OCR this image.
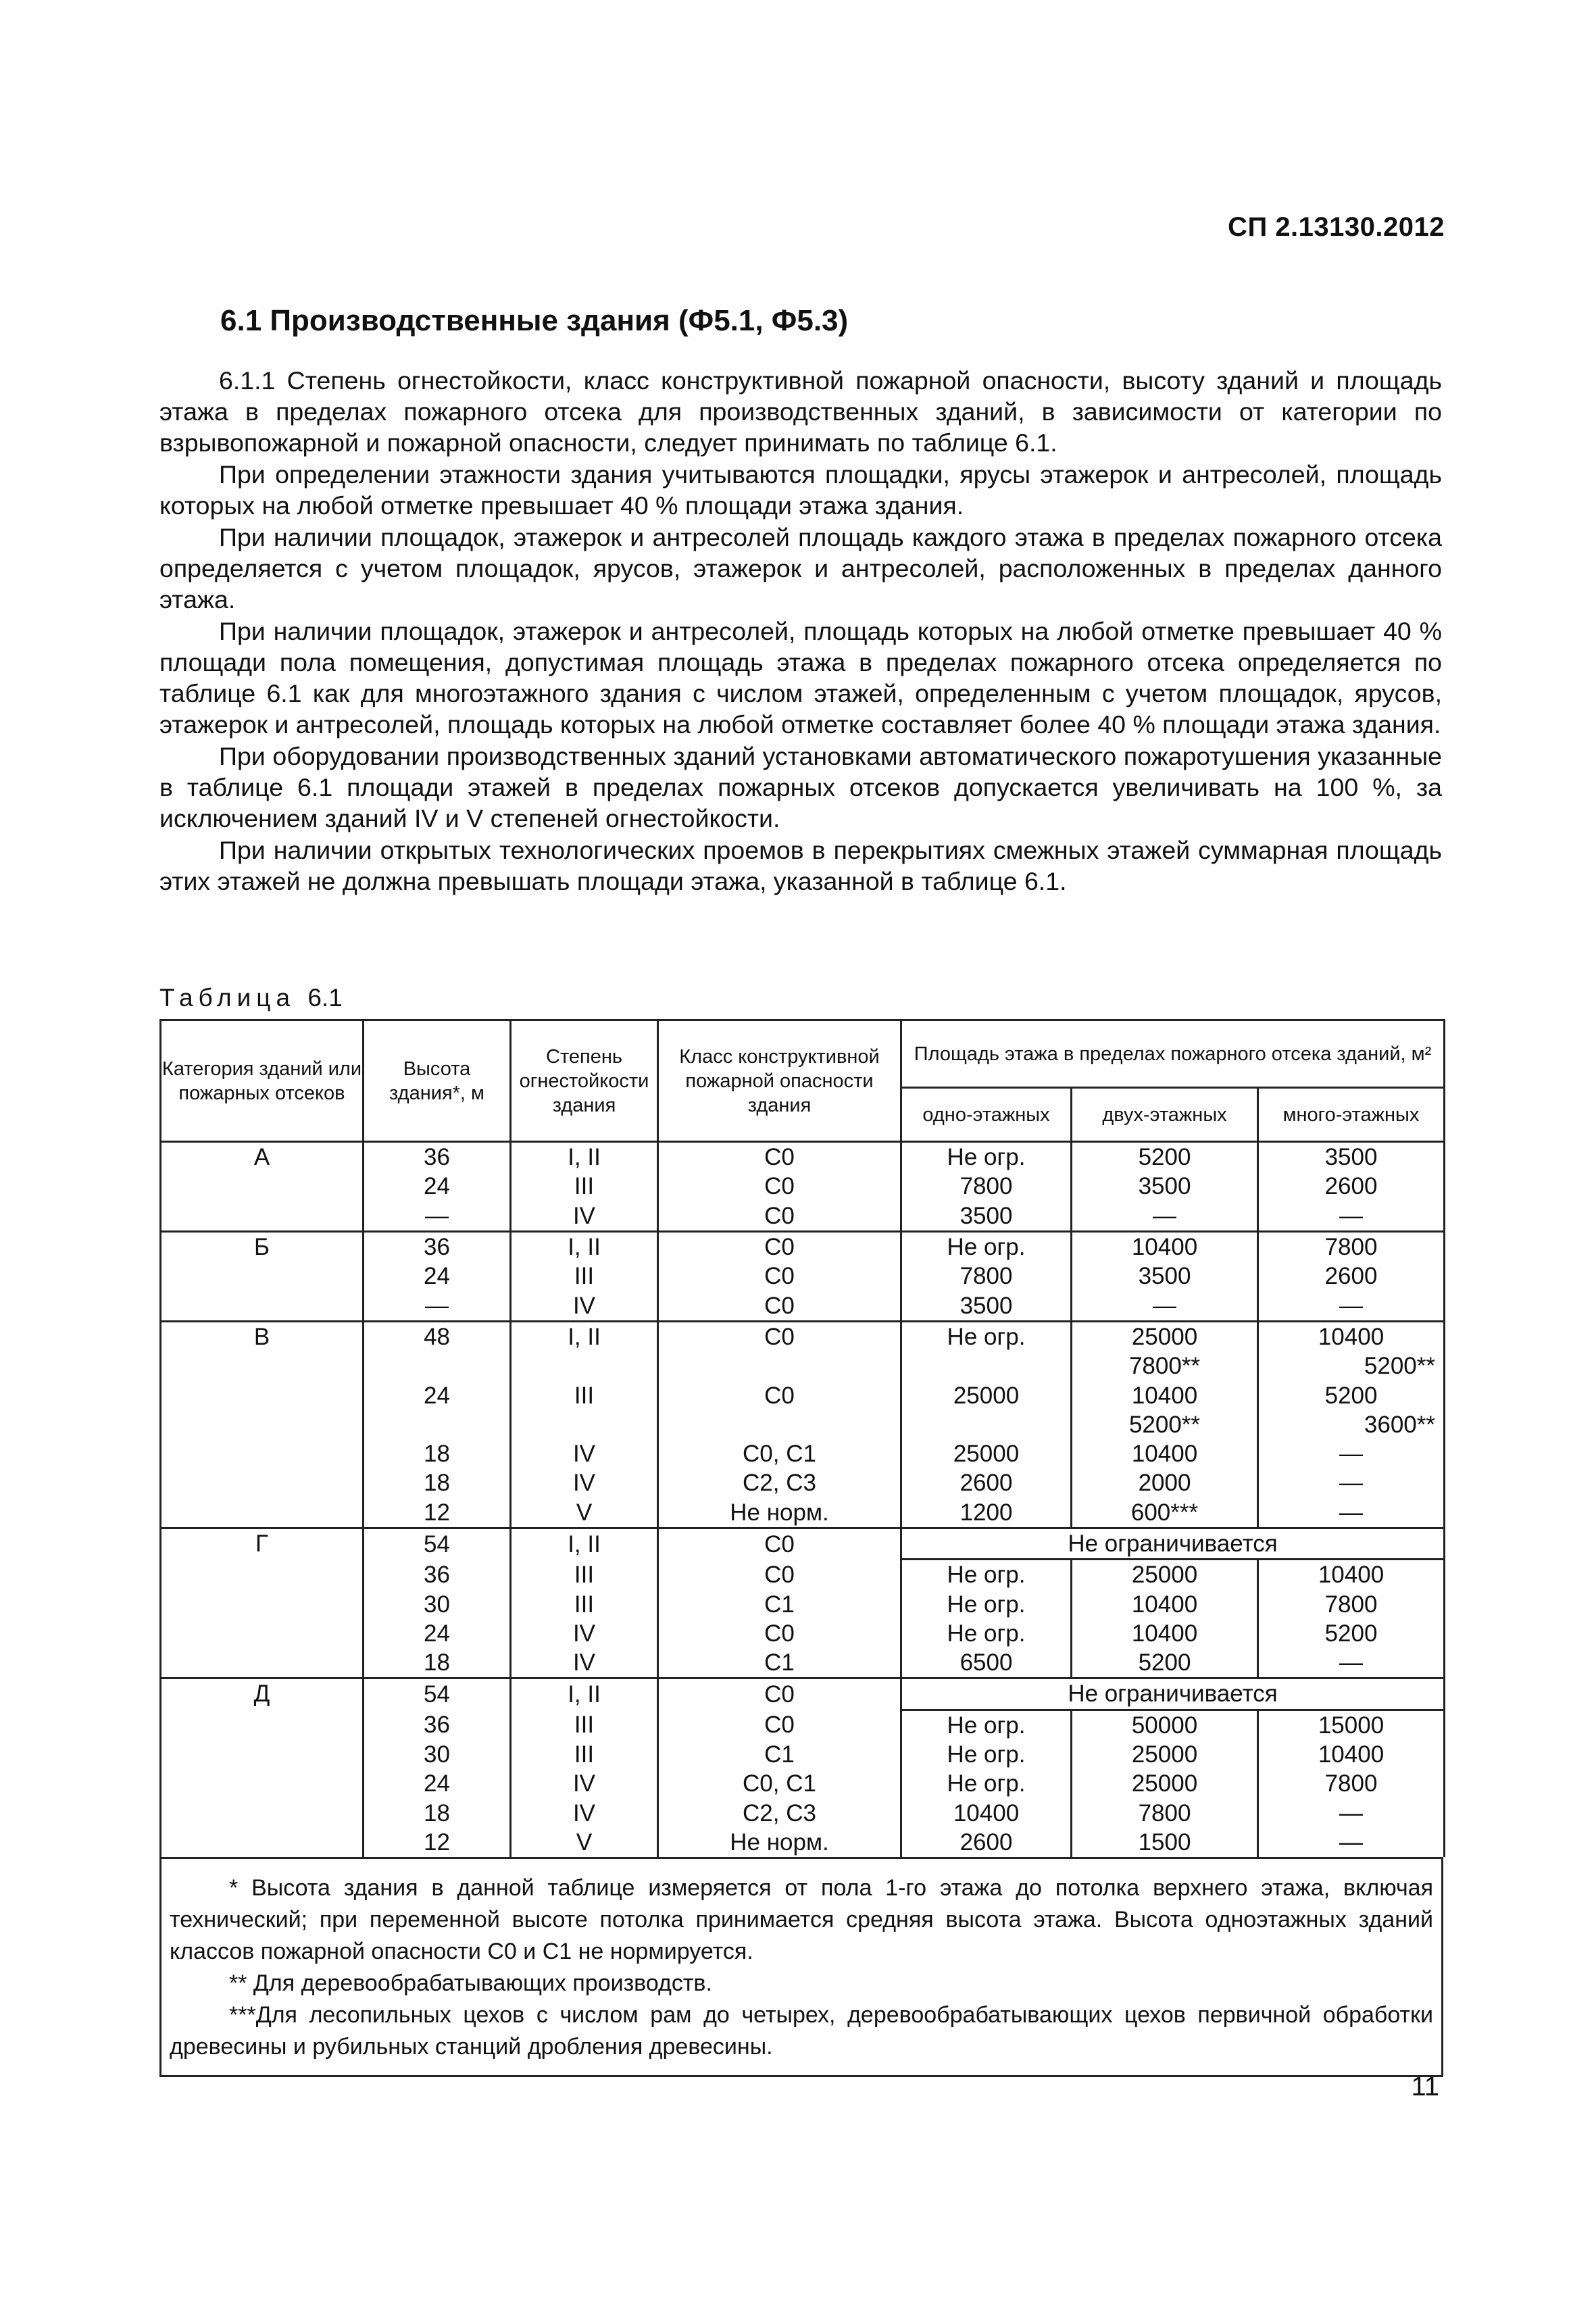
СП 2.13130.2012
6.1 Производственные здания (Ф5.1, Ф5.3)

6.1.1 Степень огнестойкости, класс конструктивной пожарной опасности, высоту зданий и площадь этажа в пределах пожарного отсека для производственных зданий, в зависимости от категории по взрывопожарной и пожарной опасности, следует принимать по таблице 6.1.

При определении этажности здания учитываются площадки, ярусы этажерок и антресолей, площадь которых на любой отметке превышает 40 % площади этажа здания.

При наличии площадок, этажерок и антресолей площадь каждого этажа в пределах пожарного отсека определяется с учетом площадок, ярусов, этажерок и антресолей, расположенных в пределах данного этажа.

При наличии площадок, этажерок и антресолей, площадь которых на любой отметке превышает 40 % площади пола помещения, допустимая площадь этажа в пределах пожарного отсека определяется по таблице 6.1 как для многоэтажного здания с числом этажей, определенным с учетом площадок, ярусов, этажерок и антресолей, площадь которых на любой отметке составляет более 40 % площади этажа здания.

При оборудовании производственных зданий установками автоматического пожаротушения указанные в таблице 6.1 площади этажей в пределах пожарных отсеков допускается увеличивать на 100 %, за исключением зданий IV и V степеней огнестойкости.

При наличии открытых технологических проемов в перекрытиях смежных этажей суммарная площадь этих этажей не должна превышать площади этажа, указанной в таблице 6.1.

Таблица 6.1
Категория зданий или пожарных отсеков	Высота здания*, м	Степень огнестойкости здания	Класс конструктивной пожарной опасности здания	Площадь этажа в пределах пожарного отсека зданий, м²		
				одно-этажных	двух-этажных	много-этажных
А	36	I, II	С0	Не огр.	5200	3500
	24	III	С0	7800	3500	2600
	—	IV	С0	3500	—	—
Б	36	I, II	С0	Не огр.	10400	7800
	24	III	С0	7800	3500	2600
	—	IV	С0	3500	—	—
В	48	I, II	С0	Не огр.	25000	10400
					7800**	5200**
	24	III	С0	25000	10400	5200
					5200**	3600**
	18	IV	С0, С1	25000	10400	—
	18	IV	С2, С3	2600	2000	—
	12	V	Не норм.	1200	600***	—
Г	54	I, II	С0	Не ограничивается		
	36	III	С0	Не огр.	25000	10400
	30	III	С1	Не огр.	10400	7800
	24	IV	С0	Не огр.	10400	5200
	18	IV	С1	6500	5200	—
Д	54	I, II	С0	Не ограничивается		
	36	III	С0	Не огр.	50000	15000
	30	III	С1	Не огр.	25000	10400
	24	IV	С0, С1	Не огр.	25000	7800
	18	IV	С2, С3	10400	7800	—
	12	V	Не норм.	2600	1500	—

* Высота здания в данной таблице измеряется от пола 1-го этажа до потолка верхнего этажа, включая технический; при переменной высоте потолка принимается средняя высота этажа. Высота одноэтажных зданий классов пожарной опасности С0 и С1 не нормируется.

** Для деревообрабатывающих производств.

***Для лесопильных цехов с числом рам до четырех, деревообрабатывающих цехов первичной обработки древесины и рубильных станций дробления древесины.

11
